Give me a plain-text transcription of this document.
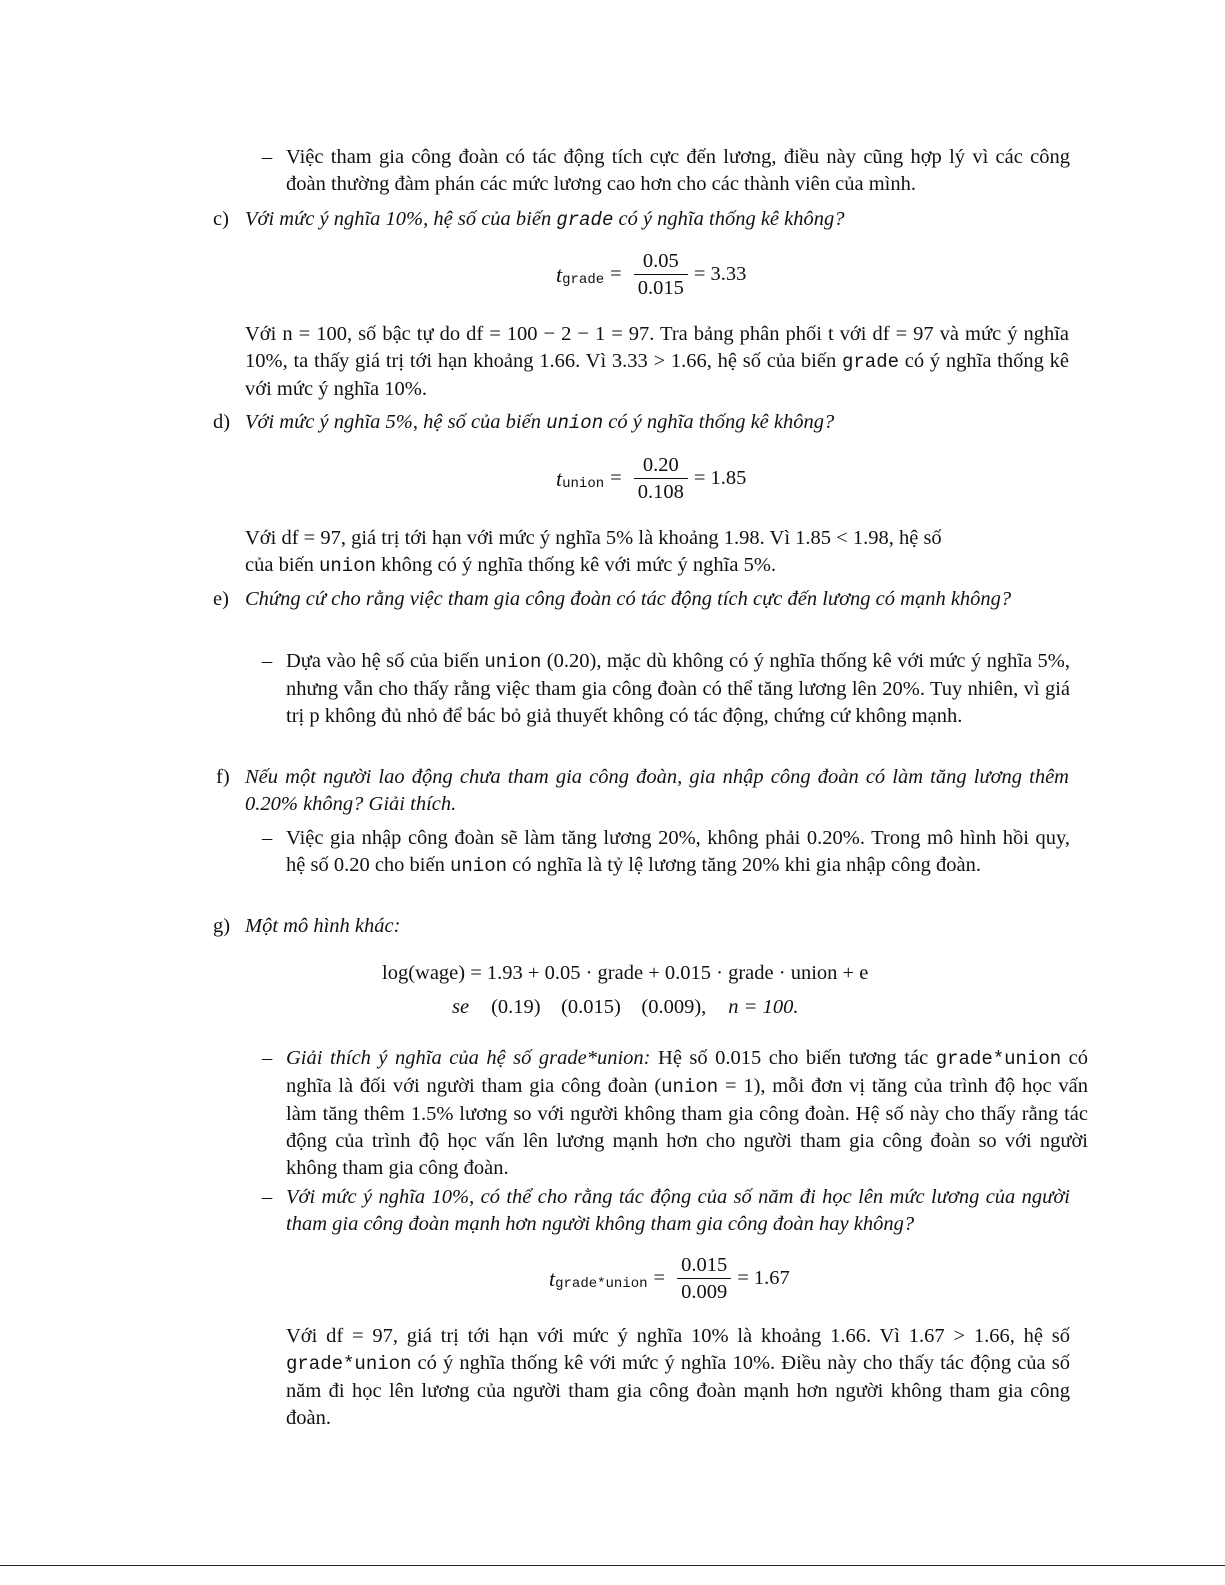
– Việc tham gia công đoàn có tác động tích cực đến lương, điều này cũng hợp lý vì các công đoàn thường đàm phán các mức lương cao hơn cho các thành viên của mình.
c) Với mức ý nghĩa 10%, hệ số của biến grade có ý nghĩa thống kê không?
t grade = $\frac{0.05}{0.015} = 3.33$
Với n = 100, số bậc tự do df = 100 − 2 − 1 = 97. Tra bảng phân phối t với df = 97 và mức ý nghĩa 10%, ta thấy giá trị tới hạn khoảng 1.66. Vì 3.33 > 1.66, hệ số của biến grade có ý nghĩa thống kê với mức ý nghĩa 10%.
d) Với mức ý nghĩa 5%, hệ số của biến union có ý nghĩa thống kê không?
t union = $\frac{0.20}{0.108} = 1.85$
Với df = 97, giá trị tới hạn với mức ý nghĩa 5% là khoảng 1.98. Vì 1.85 < 1.98, hệ số
của biến union không có ý nghĩa thống kê với mức ý nghĩa 5%.
e) Chứng cứ cho rằng việc tham gia công đoàn có tác động tích cực đến lương có mạnh không?
– Dựa vào hệ số của biến union (0.20), mặc dù không có ý nghĩa thống kê với mức ý nghĩa 5%, nhưng vẫn cho thấy rằng việc tham gia công đoàn có thể tăng lương lên 20%. Tuy nhiên, vì giá trị p không đủ nhỏ để bác bỏ giả thuyết không có tác động, chứng cứ không mạnh.
f) Nếu một người lao động chưa tham gia công đoàn, gia nhập công đoàn có làm tăng lương thêm 0.20% không? Giải thích.
– Việc gia nhập công đoàn sẽ làm tăng lương 20%, không phải 0.20%. Trong mô hình hồi quy, hệ số 0.20 cho biến union có nghĩa là tỷ lệ lương tăng 20% khi gia nhập công đoàn.
g) Một mô hình khác:
log(wage) = 1.93 + 0.05 · grade + 0.015 · grade · union + e
se (0.19)    (0.015)    (0.009), n = 100.
– Giải thích ý nghĩa của hệ số grade*union: Hệ số 0.015 cho biến tương tác grade*union có nghĩa là đối với người tham gia công đoàn (union = 1), mỗi đơn vị tăng của trình độ học vấn làm tăng thêm 1.5% lương so với người không tham gia công đoàn. Hệ số này cho thấy rằng tác động của trình độ học vấn lên lương mạnh hơn cho người tham gia công đoàn so với người không tham gia công đoàn.
– Với mức ý nghĩa 10%, có thể cho rằng tác động của số năm đi học lên mức lương của người tham gia công đoàn mạnh hơn người không tham gia công đoàn hay không?
t grade*union = $\frac{0.015}{0.009} = 1.67$
Với df = 97, giá trị tới hạn với mức ý nghĩa 10% là khoảng 1.66. Vì 1.67 > 1.66, hệ số grade*union có ý nghĩa thống kê với mức ý nghĩa 10%. Điều này cho thấy tác động của số năm đi học lên lương của người tham gia công đoàn mạnh hơn người không tham gia công đoàn.
